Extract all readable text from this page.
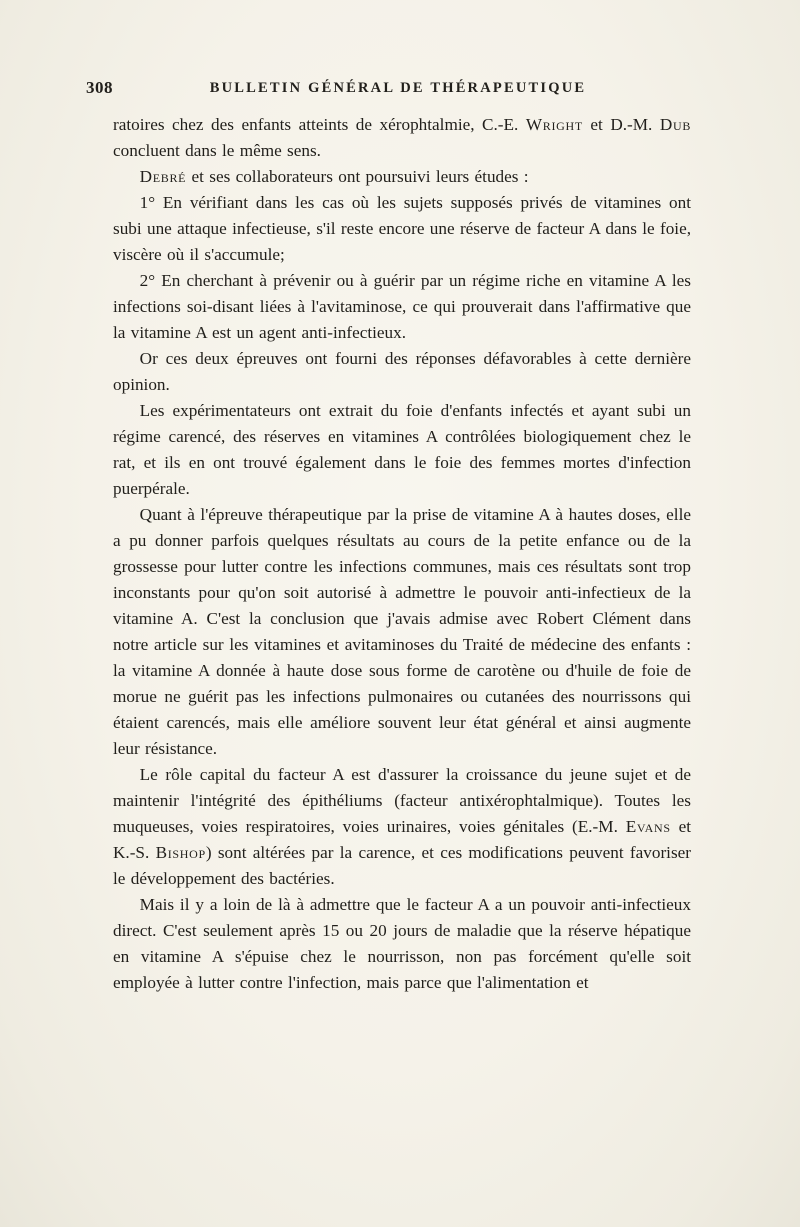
308	BULLETIN GÉNÉRAL DE THÉRAPEUTIQUE

ratoires chez des enfants atteints de xérophtalmie, C.-E. Wright et D.-M. Dub concluent dans le même sens.

Debré et ses collaborateurs ont poursuivi leurs études :

1° En vérifiant dans les cas où les sujets supposés privés de vitamines ont subi une attaque infectieuse, s'il reste encore une réserve de facteur A dans le foie, viscère où il s'accumule;

2° En cherchant à prévenir ou à guérir par un régime riche en vitamine A les infections soi-disant liées à l'avitaminose, ce qui prouverait dans l'affirmative que la vitamine A est un agent anti-infectieux.

Or ces deux épreuves ont fourni des réponses défavorables à cette dernière opinion.

Les expérimentateurs ont extrait du foie d'enfants infectés et ayant subi un régime carencé, des réserves en vitamines A contrôlées biologiquement chez le rat, et ils en ont trouvé également dans le foie des femmes mortes d'infection puerpérale.

Quant à l'épreuve thérapeutique par la prise de vitamine A à hautes doses, elle a pu donner parfois quelques résultats au cours de la petite enfance ou de la grossesse pour lutter contre les infections communes, mais ces résultats sont trop inconstants pour qu'on soit autorisé à admettre le pouvoir anti-infectieux de la vitamine A. C'est la conclusion que j'avais admise avec Robert Clément dans notre article sur les vitamines et avitaminoses du Traité de médecine des enfants : la vitamine A donnée à haute dose sous forme de carotène ou d'huile de foie de morue ne guérit pas les infections pulmonaires ou cutanées des nourrissons qui étaient carencés, mais elle améliore souvent leur état général et ainsi augmente leur résistance.

Le rôle capital du facteur A est d'assurer la croissance du jeune sujet et de maintenir l'intégrité des épithéliums (facteur antixérophtalmique). Toutes les muqueuses, voies respiratoires, voies urinaires, voies génitales (E.-M. Evans et K.-S. Bishop) sont altérées par la carence, et ces modifications peuvent favoriser le développement des bactéries.

Mais il y a loin de là à admettre que le facteur A a un pouvoir anti-infectieux direct. C'est seulement après 15 ou 20 jours de maladie que la réserve hépatique en vitamine A s'épuise chez le nourrisson, non pas forcément qu'elle soit employée à lutter contre l'infection, mais parce que l'alimentation et
